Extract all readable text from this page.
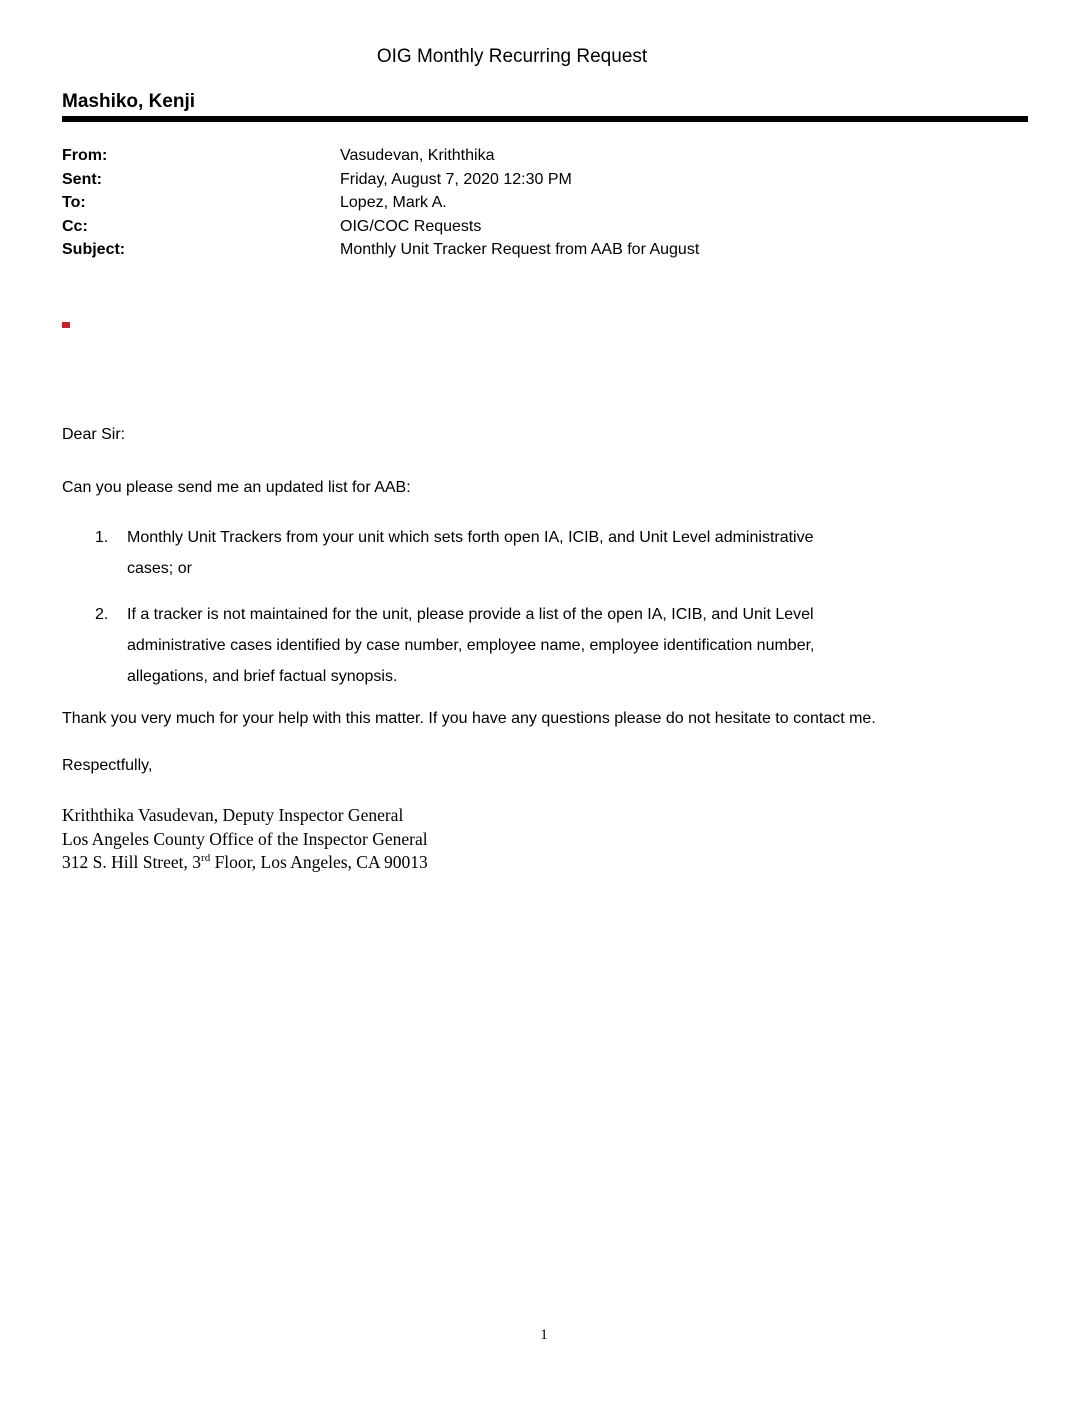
OIG Monthly Recurring Request
Mashiko, Kenji
From:	Vasudevan, Kriththika
Sent:	Friday, August 7, 2020 12:30 PM
To:	Lopez, Mark A.
Cc:	OIG/COC Requests
Subject:	Monthly Unit Tracker Request from AAB for August

Dear Sir:

Can you please send me an updated list for AAB:

1. Monthly Unit Trackers from your unit which sets forth open IA, ICIB, and Unit Level administrative
cases; or
2. If a tracker is not maintained for the unit, please provide a list of the open IA, ICIB, and Unit Level
administrative cases identified by case number, employee name, employee identification number,
allegations, and brief factual synopsis.

Thank you very much for your help with this matter. If you have any questions please do not hesitate to contact me.

Respectfully,

Kriththika Vasudevan, Deputy Inspector General
Los Angeles County Office of the Inspector General
312 S. Hill Street, 3rd Floor, Los Angeles, CA 90013
1
